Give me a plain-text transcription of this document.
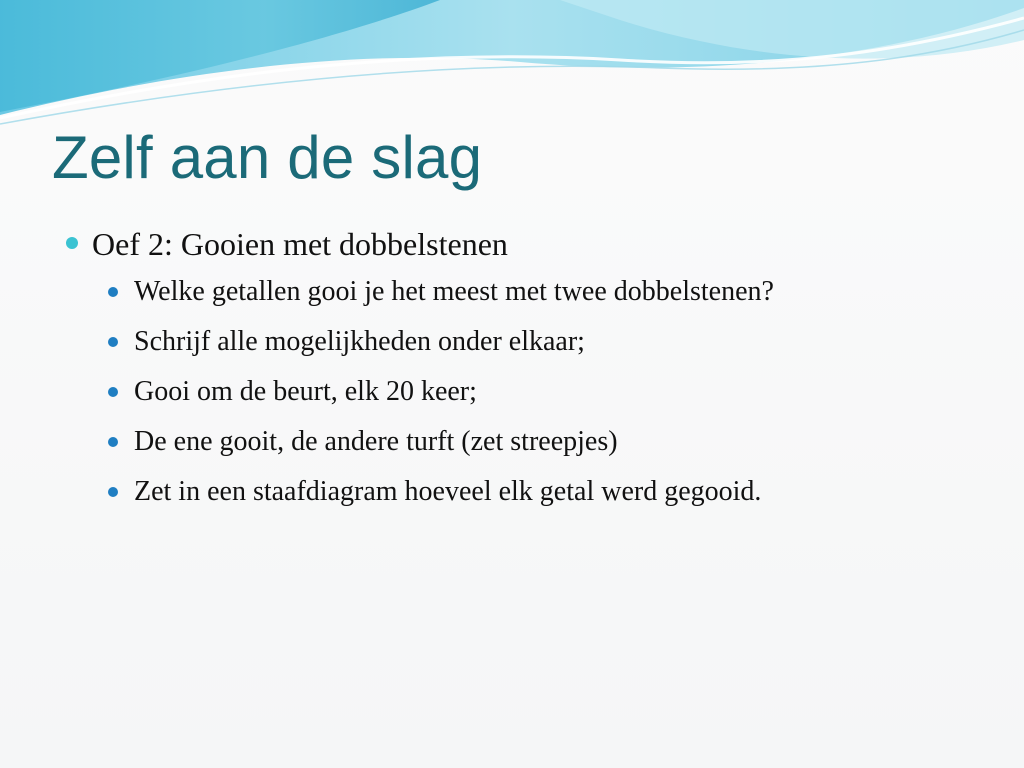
Zelf aan de slag
Oef 2: Gooien met dobbelstenen
Welke getallen gooi je het meest met twee dobbelstenen?
Schrijf alle mogelijkheden onder elkaar;
Gooi om de beurt, elk 20 keer;
De ene gooit, de andere turft (zet streepjes)
Zet in een staafdiagram hoeveel elk getal werd gegooid.
